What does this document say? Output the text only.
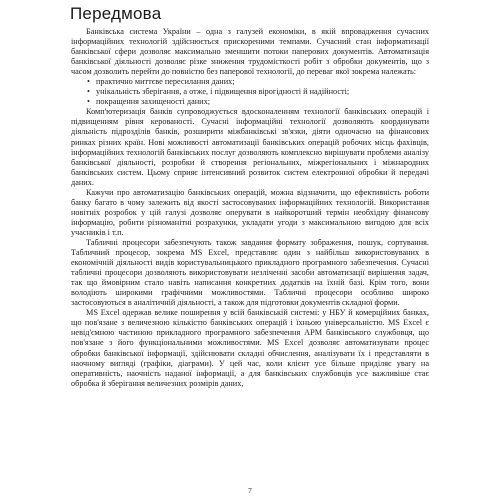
Передмова

Банківська система України – одна з галузей економіки, в якій впровадження сучасних інформаційних технологій здійснюється прискореними темпами. Сучасний стан інформатизації банківської сфери дозволяє максимально зменшити потоки паперових документів. Автоматизація банківської діяльності дозволяє різке зниження трудомісткості робіт з обробки документів, що з часом дозволить перейти до повністю без паперової технології, до переваг якої зокрема належать:

• практично миттєве пересилання даних;
• унікальність зберігання, а отже, і підвищення вірогідності й надійності;
• покращення захищеності даних;

Комп'ютеризація банків супроводжується вдосконаленням технології банківських операцій і підвищенням рівня керованості. Сучасні інформаційні технології дозволяють координувати діяльність підрозділів банків, розширити міжбанківські зв'язки, діяти одночасно на фінансових ринках різних країн. Нові можливості автоматизації банківських операцій робочих місць фахівців, інформаційних технологій банківських послуг дозволяють комплексно вирішувати проблеми аналізу банківської діяльності, розробки й створення регіональних, міжрегіональних і міжнародних банківських систем. Цьому сприяє інтенсивний розвиток систем електронної обробки й передачі даних.

Кажучи про автоматизацію банківських операцій, можна відзначити, що ефективність роботи банку багато в чому залежить від якості застосовуваних інформаційних технологій. Використання новітніх розробок у цій галузі дозволяє оперувати в найкоротший термін необхідну фінансову інформацію, робити різноманітні розрахунки, укладати угоди з максимальною вигодою для всіх учасників і т.п.

Табличні процесори забезпечують також завдання формату зображення, пошук, сортування. Табличний процесор, зокрема MS Excel, представляє один з найбільш використовуваних в економічній діяльності видів користувальницького прикладного програмного забезпечення. Сучасні табличні процесори дозволяють використовувати незліченні засоби автоматизації вирішення задач, так що ймовірним стало навіть написання конкретних додатків на їхній базі. Крім того, вони володіють широкими графічними можливостями. Табличні процесори особливо широко застосовуються в аналітичній діяльності, а також для підготовки документів складної форми.

MS Excel одержав велике поширення у всій банківській системі: у НБУ й комерційних банках, що пов'язане з величезною кількістю банківських операцій і їхньою універсальністю. MS Excel є невід'ємною частиною прикладного програмного забезпечення АРМ банківського службовця, що пов'язане з його функціональними можливостями. MS Excel дозволяє автоматизувати процес обробки банківської інформації, здійснювати складні обчислення, аналізувати їх і представляти в наочному вигляді (графіки, діаграми). У цей час, коли клієнт усе більше приділяє увагу на оперативність, наочність наданої інформації, а для банківських службовців усе важливіше стає обробка й зберігання величезних розмірів даних,

7
